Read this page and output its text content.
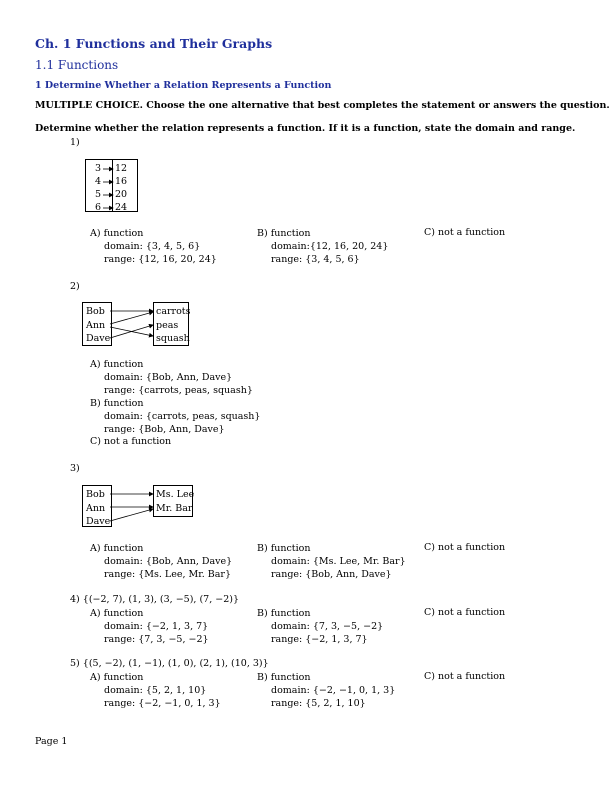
Ch. 1 Functions and Their Graphs
1.1 Functions
1 Determine Whether a Relation Represents a Function
MULTIPLE CHOICE. Choose the one alternative that best completes the statement or answers the question.
Determine whether the relation represents a function. If it is a function, state the domain and range.
1)
3
4
5
6
12
16
20
24
A) function
domain: {3, 4, 5, 6}
range: {12, 16, 20, 24}
B) function
domain:{12, 16, 20, 24}
range: {3, 4, 5, 6}
C) not a function
2)
Bob
Ann
Dave
carrots
peas
squash
A) function
domain: {Bob, Ann, Dave}
range: {carrots, peas, squash}
B) function
domain: {carrots, peas, squash}
range: {Bob, Ann, Dave}
C) not a function
3)
Bob
Ann
Dave
Ms. Lee
Mr. Bar
A) function
domain: {Bob, Ann, Dave}
range: {Ms. Lee, Mr. Bar}
B) function
domain: {Ms. Lee, Mr. Bar}
range: {Bob, Ann, Dave}
C) not a function
4) {(−2, 7), (1, 3), (3, −5), (7, −2)}
A) function
domain: {−2, 1, 3, 7}
range: {7, 3, −5, −2}
B) function
domain: {7, 3, −5, −2}
range: {−2, 1, 3, 7}
C) not a function
5) {(5, −2), (1, −1), (1, 0), (2, 1), (10, 3)}
A) function
domain: {5, 2, 1, 10}
range: {−2, −1, 0, 1, 3}
B) function
domain: {−2, −1, 0, 1, 3}
range: {5, 2, 1, 10}
C) not a function
Page 1
